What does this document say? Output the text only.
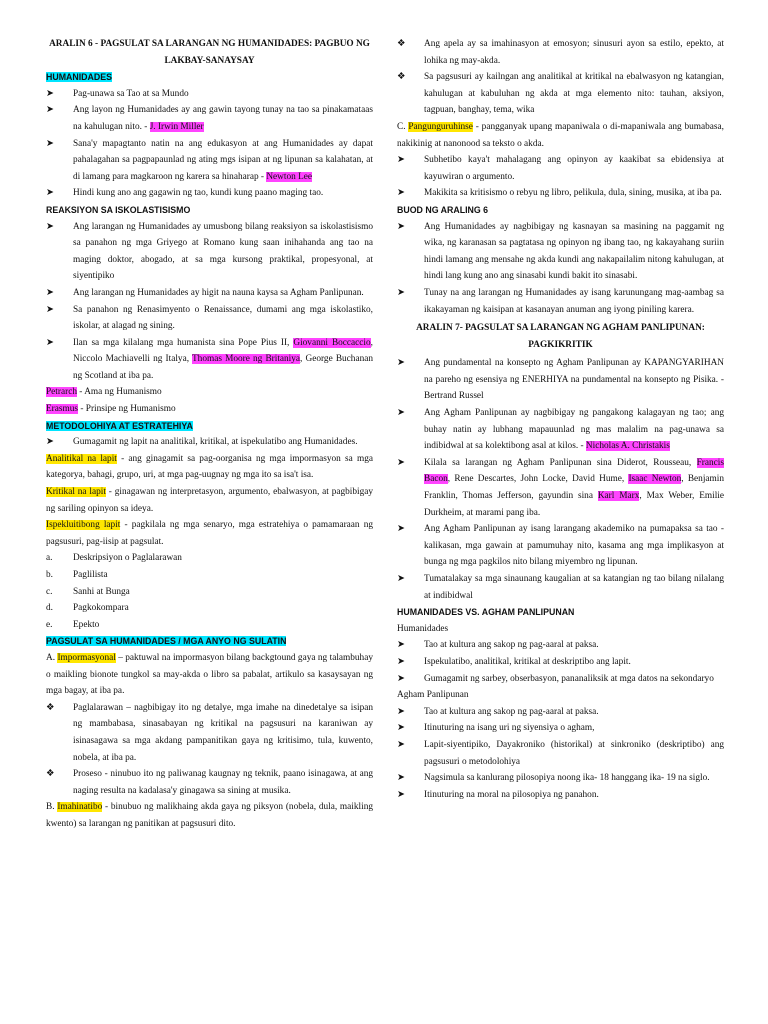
ARALIN 6 - PAGSULAT SA LARANGAN NG HUMANIDADES: PAGBUO NG LAKBAY-SANAYSAY
HUMANIDADES
➤	Pag-unawa sa Tao at sa Mundo
➤	Ang layon ng Humanidades ay ang gawin tayong tunay na tao sa pinakamataas na kahulugan nito. - J. Irwin Miller
➤	Sana'y mapagtanto natin na ang edukasyon at ang Humanidades ay dapat pahalagahan sa pagpapaunlad ng ating mgs isipan at ng lipunan sa kalahatan, at di lamang para magkaroon ng karera sa hinaharap - Newton Lee
➤	Hindi kung ano ang gagawin ng tao, kundi kung paano maging tao.
REAKSIYON SA ISKOLASTISISMO
➤	Ang larangan ng Humanidades ay umusbong bilang reaksiyon sa iskolastisismo sa panahon ng mga Griyego at Romano kung saan inihahanda ang tao na maging doktor, abogado, at sa mga kursong praktikal, propesyonal, at siyentipiko
➤	Ang larangan ng Humanidades ay higit na nauna kaysa sa Agham Panlipunan.
➤	Sa panahon ng Renasimyento o Renaissance, dumami ang mga iskolastiko, iskolar, at alagad ng sining.
➤	Ilan sa mga kilalang mga humanista sina Pope Pius II, Giovanni Boccaccio, Niccolo Machiavelli ng Italya, Thomas Moore ng Britaniya, George Buchanan ng Scotland at iba pa.
Petrarch - Ama ng Humanismo
Erasmus - Prinsipe ng Humanismo
METODOLOHIYA AT ESTRATEHIYA
➤	Gumagamit ng lapit na analitikal, kritikal, at ispekulatibo ang Humanidades.
Analitikal na lapit - ang ginagamit sa pag-oorganisa ng mga impormasyon sa mga kategorya, bahagi, grupo, uri, at mga pag-uugnay ng mga ito sa isa't isa.
Kritikal na lapit - ginagawan ng interpretasyon, argumento, ebalwasyon, at pagbibigay ng sariling opinyon sa ideya.
Ispekluitibong lapit - pagkilala ng mga senaryo, mga estratehiya o pamamaraan ng pagsusuri, pag-iisip at pagsulat.
a.	Deskripsiyon o Paglalarawan
b.	Paglilista
c.	Sanhi at Bunga
d.	Pagkokompara
e.	Epekto
PAGSULAT SA HUMANIDADES / MGA ANYO NG SULATIN
A. Impormasyonal – paktuwal na impormasyon bilang backgtound gaya ng talambuhay o maikling bionote tungkol sa may-akda o libro sa pabalat, artikulo sa kasaysayan ng mga bagay, at iba pa.
❖	Paglalarawan – nagbibigay ito ng detalye, mga imahe na dinedetalye sa isipan ng mambabasa, sinasabayan ng kritikal na pagsusuri na karaniwan ay isinasagawa sa mga akdang pampanitikan gaya ng kritisimo, tula, kuwento, nobela, at iba pa.
❖	Proseso - ninubuo ito ng paliwanag kaugnay ng teknik, paano isinagawa, at ang naging resulta na kadalasa'y ginagawa sa sining at musika.
B. Imahinatibo - binubuo ng malikhaing akda gaya ng piksyon (nobela, dula, maikling kwento) sa larangan ng panitikan at pagsusuri dito.
❖	Ang apela ay sa imahinasyon at emosyon; sinusuri ayon sa estilo, epekto, at lohika ng may-akda.
❖	Sa pagsusuri ay kailngan ang analitikal at kritikal na ebalwasyon ng katangian, kahulugan at kabuluhan ng akda at mga elemento nito: tauhan, aksiyon, tagpuan, banghay, tema, wika
C. Pangunguruhinse - pangganyak upang mapaniwala o di-mapaniwala ang bumabasa, nakikinig at nanonood sa teksto o akda.
➤	Subhetibo kaya't mahalagang ang opinyon ay kaakibat sa ebidensiya at kayuwiran o argumento.
➤	Makikita sa kritisismo o rebyu ng libro, pelikula, dula, sining, musika, at iba pa.
BUOD NG ARALING 6
➤	Ang Humanidades ay nagbibigay ng kasnayan sa masining na paggamit ng wika, ng karanasan sa pagtatasa ng opinyon ng ibang tao, ng kakayahang suriin hindi lamang ang mensahe ng akda kundi ang nakapailalim nitong kahulugan, at hindi lang kung ano ang sinasabi kundi bakit ito sinasabi.
➤	Tunay na ang larangan ng Humanidades ay isang karunungang mag-aambag sa ikakayaman ng kaisipan at kasanayan anuman ang iyong piniling karera.
ARALIN 7- PAGSULAT SA LARANGAN NG AGHAM PANLIPUNAN: PAGKIKRITIK
➤	Ang pundamental na konsepto ng Agham Panlipunan ay KAPANGYARIHAN na pareho ng esensiya ng ENERHIYA na pundamental na konsepto ng Pisika. - Bertrand Russel
➤	Ang Agham Panlipunan ay nagbibigay ng pangakong kalagayan ng tao; ang buhay natin ay lubhang mapauunlad ng mas malalim na pag-unawa sa indibidwal at sa kolektibong asal at kilos. - Nicholas A. Christakis
➤	Kilala sa larangan ng Agham Panlipunan sina Diderot, Rousseau, Francis Bacon, Rene Descartes, John Locke, David Hume, Isaac Newton, Benjamin Franklin, Thomas Jefferson, gayundin sina Karl Marx, Max Weber, Emilie Durkheim, at marami pang iba.
➤	Ang Agham Panlipunan ay isang larangang akademiko na pumapaksa sa tao - kalikasan, mga gawain at pamumuhay nito, kasama ang mga implikasyon at bunga ng mga pagkilos nito bilang miyembro ng lipunan.
➤	Tumatalakay sa mga sinaunang kaugalian at sa katangian ng tao bilang nilalang at indibidwal
HUMANIDADES VS. AGHAM PANLIPUNAN
Humanidades
➤	Tao at kultura ang sakop ng pag-aaral at paksa.
➤	Ispekulatibo, analitikal, kritikal at deskriptibo ang lapit.
➤	Gumagamit ng sarbey, obserbasyon, pananaliksik at mga datos na sekondaryo
Agham Panlipunan
➤	Tao at kultura ang sakop ng pag-aaral at paksa.
➤	Itinuturing na isang uri ng siyensiya o agham,
➤	Lapit-siyentipiko, Dayakroniko (historikal) at sinkroniko (deskriptibo) ang pagsusuri o metodolohiya
➤	Nagsimula sa kanlurang pilosopiya noong ika- 18 hanggang ika- 19 na siglo.
➤	Itinuturing na moral na pilosopiya ng panahon.
